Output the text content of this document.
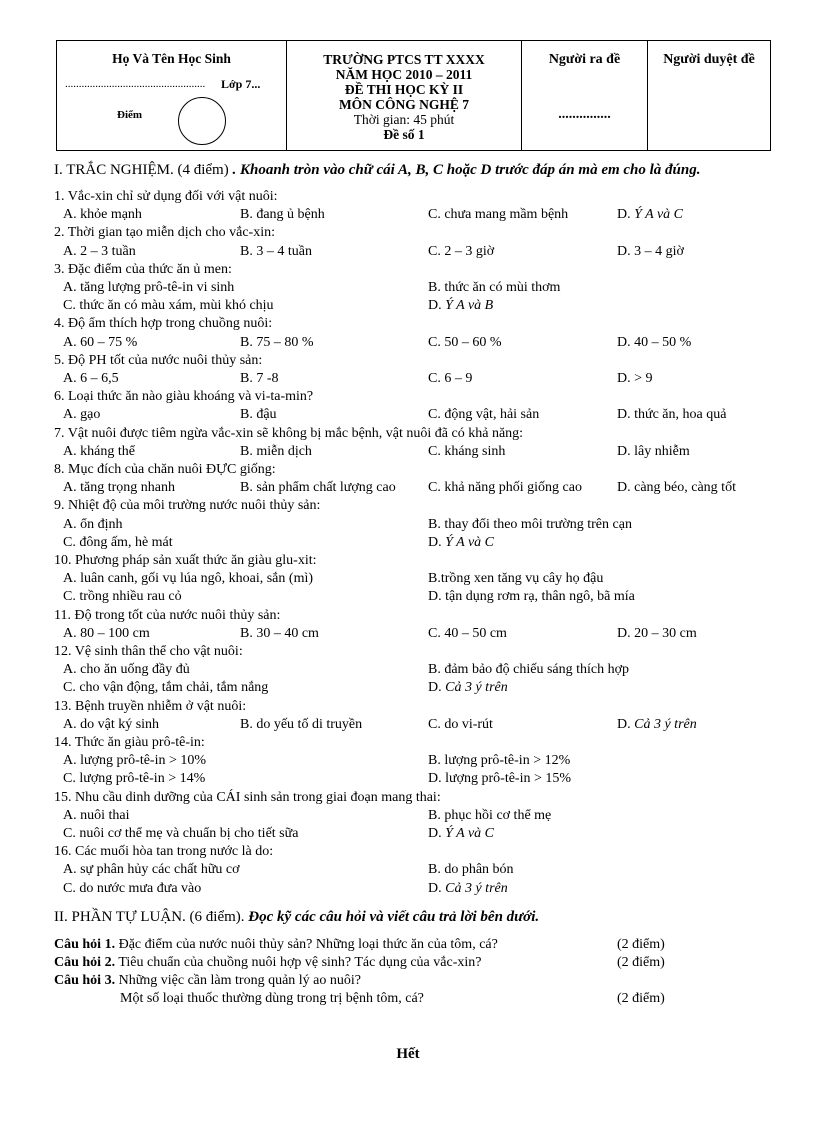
Họ Và Tên Học Sinh
................................................... Lớp 7...
Điểm
TRƯỜNG PTCS TT XXXX
NĂM HỌC 2010 – 2011
ĐỀ THI HỌC KỲ II
MÔN CÔNG NGHỆ 7
Thời gian: 45 phút
Đề số 1
Người ra đề
...............
Người duyệt đề
I. TRẮC NGHIỆM. (4 điểm) . Khoanh tròn vào chữ cái A, B, C hoặc D trước đáp án mà em cho là đúng.
1. Vắc-xin chỉ sử dụng đối với vật nuôi:
A. khỏe mạnh	B. đang ủ bệnh	C. chưa mang mầm bệnh	D. Ý A và C
2. Thời gian tạo miễn dịch cho vắc-xin:
A. 2 – 3 tuần	B. 3 – 4 tuần	C. 2 – 3 giờ	D. 3 – 4 giờ
3. Đặc điểm của thức ăn ủ men:
A. tăng lượng prô-tê-in vi sinh	B. thức ăn có mùi thơm
C. thức ăn có màu xám, mùi khó chịu	D. Ý A và B
4. Độ ẩm thích hợp trong chuồng nuôi:
A. 60 – 75 %	B. 75 – 80 %	C. 50 – 60 %	D. 40 – 50 %
5. Độ PH tốt của nước nuôi thủy sản:
A. 6 – 6,5	B. 7 -8	C. 6 – 9	D. > 9
6. Loại thức ăn nào giàu khoáng và vi-ta-min?
A. gạo	B. đậu	C. động vật, hải sản	D. thức ăn, hoa quả
7. Vật nuôi được tiêm ngừa vắc-xin sẽ không bị mắc bệnh, vật nuôi đã có khả năng:
A. kháng thể	B. miễn dịch	C. kháng sinh	D. lây nhiễm
8. Mục đích của chăn nuôi ĐỰC giống:
A. tăng trọng nhanh	B. sản phẩm chất lượng cao C. khả năng phối giống cao	D. càng béo, càng tốt
9. Nhiệt độ của môi trường nước nuôi thủy sản:
A. ổn định	B. thay đổi theo môi trường trên cạn
C. đông ấm, hè mát	D. Ý A và C
10. Phương pháp sản xuất thức ăn giàu glu-xit:
A. luân canh, gối vụ lúa ngô, khoai, sắn (mì)	B.trồng xen tăng vụ cây họ đậu
C. trồng nhiều rau cỏ	D. tận dụng rơm rạ, thân ngô, bã mía
11. Độ trong tốt của nước nuôi thủy sản:
A. 80 – 100 cm	B. 30 – 40 cm	C. 40 – 50 cm	D. 20 – 30 cm
12. Vệ sinh thân thể cho vật nuôi:
A. cho ăn uống đầy đủ	B. đảm bảo độ chiếu sáng thích hợp
C. cho vận động, tắm chải, tắm nắng	D. Cả 3 ý trên
13. Bệnh truyền nhiễm ở vật nuôi:
A. do vật ký sinh	B. do yếu tố di truyền	C. do vi-rút	D. Cả 3 ý trên
14. Thức ăn giàu prô-tê-in:
A. lượng prô-tê-in > 10%	B. lượng prô-tê-in > 12%
C. lượng prô-tê-in > 14%	D. lượng prô-tê-in > 15%
15. Nhu cầu dinh dưỡng của CÁI sinh sản trong giai đoạn mang thai:
A. nuôi thai	B. phục hồi cơ thể mẹ
C. nuôi cơ thể mẹ và chuẩn bị cho tiết sữa	D. Ý A và C
16. Các muối hòa tan trong nước là do:
A. sự phân hủy các chất hữu cơ	B. do phân bón
C. do nước mưa đưa vào	D. Cả 3 ý trên
II. PHẦN TỰ LUẬN. (6 điểm). Đọc kỹ các câu hỏi và viết câu trả lời bên dưới.
Câu hỏi 1. Đặc điểm của nước nuôi thủy sản? Những loại thức ăn của tôm, cá?	(2 điểm)
Câu hỏi 2. Tiêu chuẩn của chuồng nuôi hợp vệ sinh? Tác dụng của vắc-xin?	(2 điểm)
Câu hỏi 3. Những việc cần làm trong quản lý ao nuôi?
Một số loại thuốc thường dùng trong trị bệnh tôm, cá?	(2 điểm)
Hết
